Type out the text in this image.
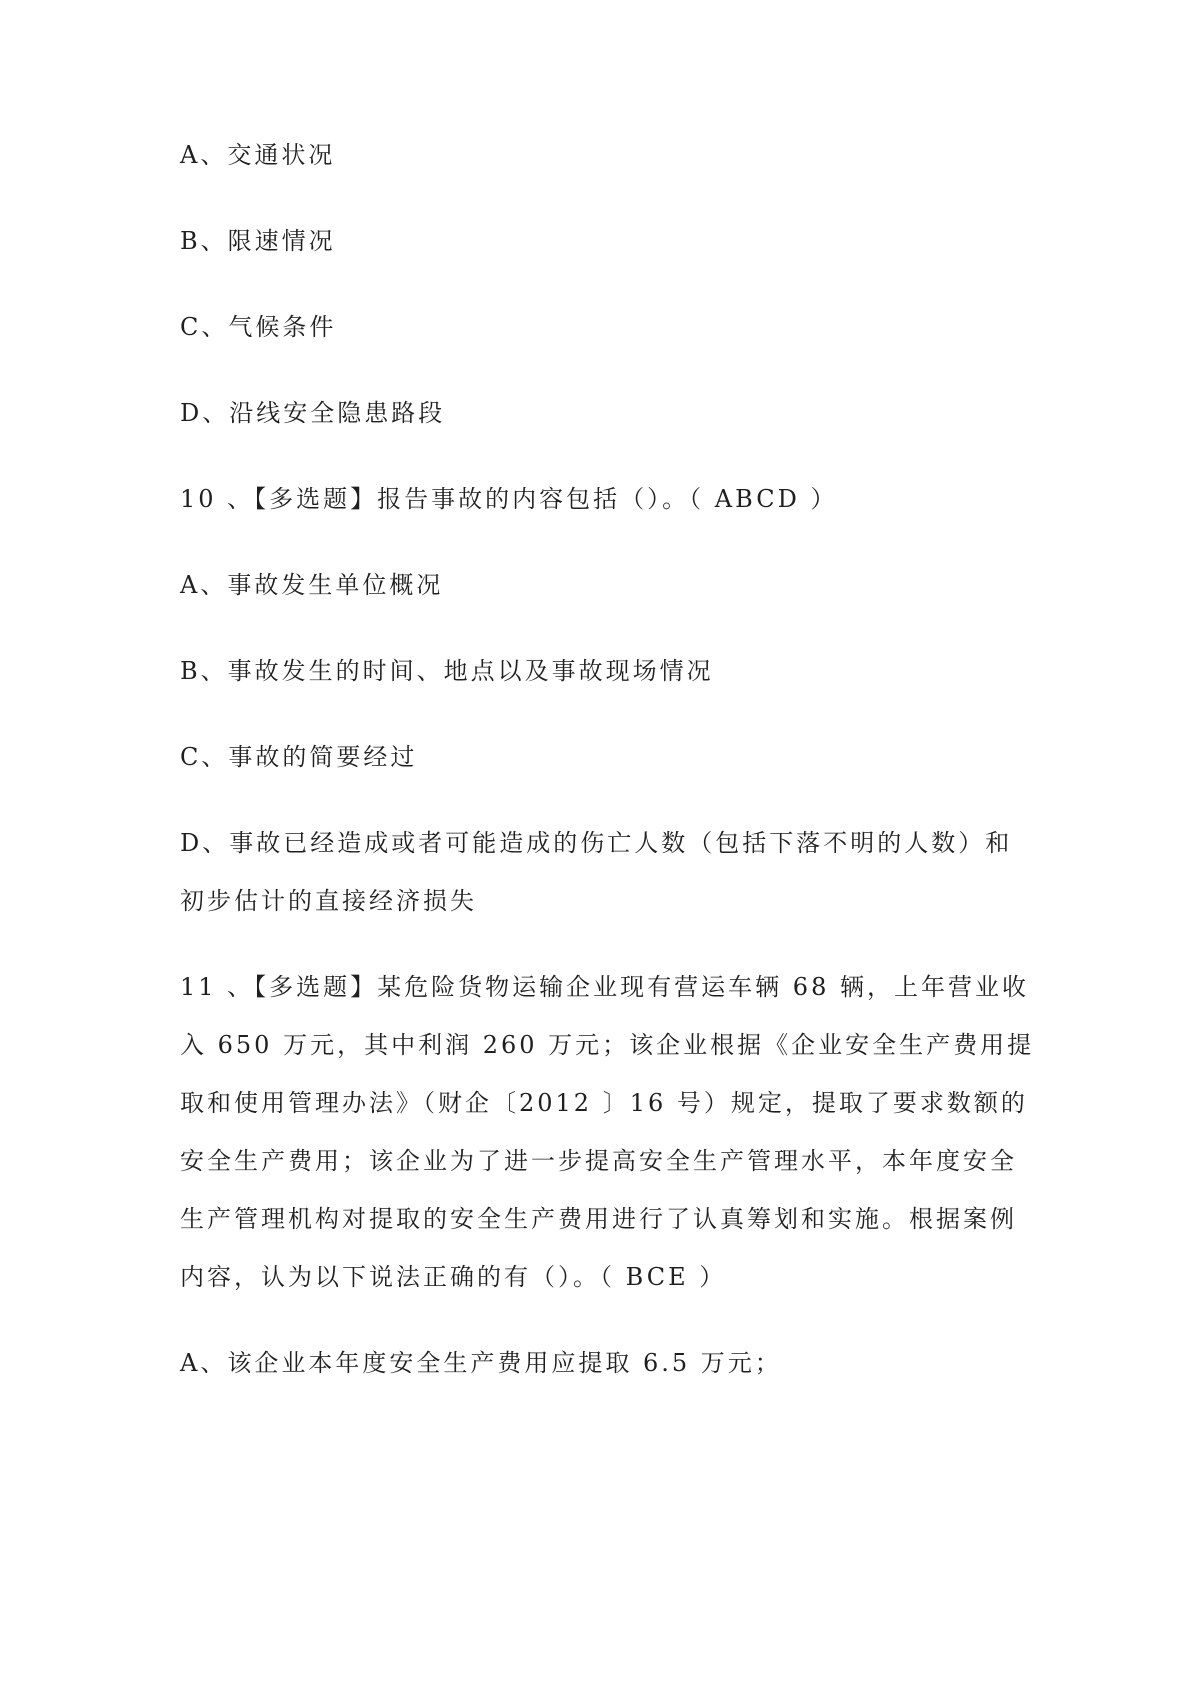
A、交通状况
B、限速情况
C、气候条件
D、沿线安全隐患路段
10 、【多选题】报告事故的内容包括（）。（ ABCD ）
A、事故发生单位概况
B、事故发生的时间、地点以及事故现场情况
C、事故的简要经过
D、事故已经造成或者可能造成的伤亡人数（包括下落不明的人数）和
初步估计的直接经济损失
11 、【多选题】某危险货物运输企业现有营运车辆 68 辆，上年营业收
入 650 万元，其中利润 260 万元；该企业根据《企业安全生产费用提
取和使用管理办法》（财企〔2012 〕16 号）规定，提取了要求数额的
安全生产费用；该企业为了进一步提高安全生产管理水平，本年度安全
生产管理机构对提取的安全生产费用进行了认真筹划和实施。根据案例
内容，认为以下说法正确的有（）。（ BCE ）
A、该企业本年度安全生产费用应提取 6.5 万元；
